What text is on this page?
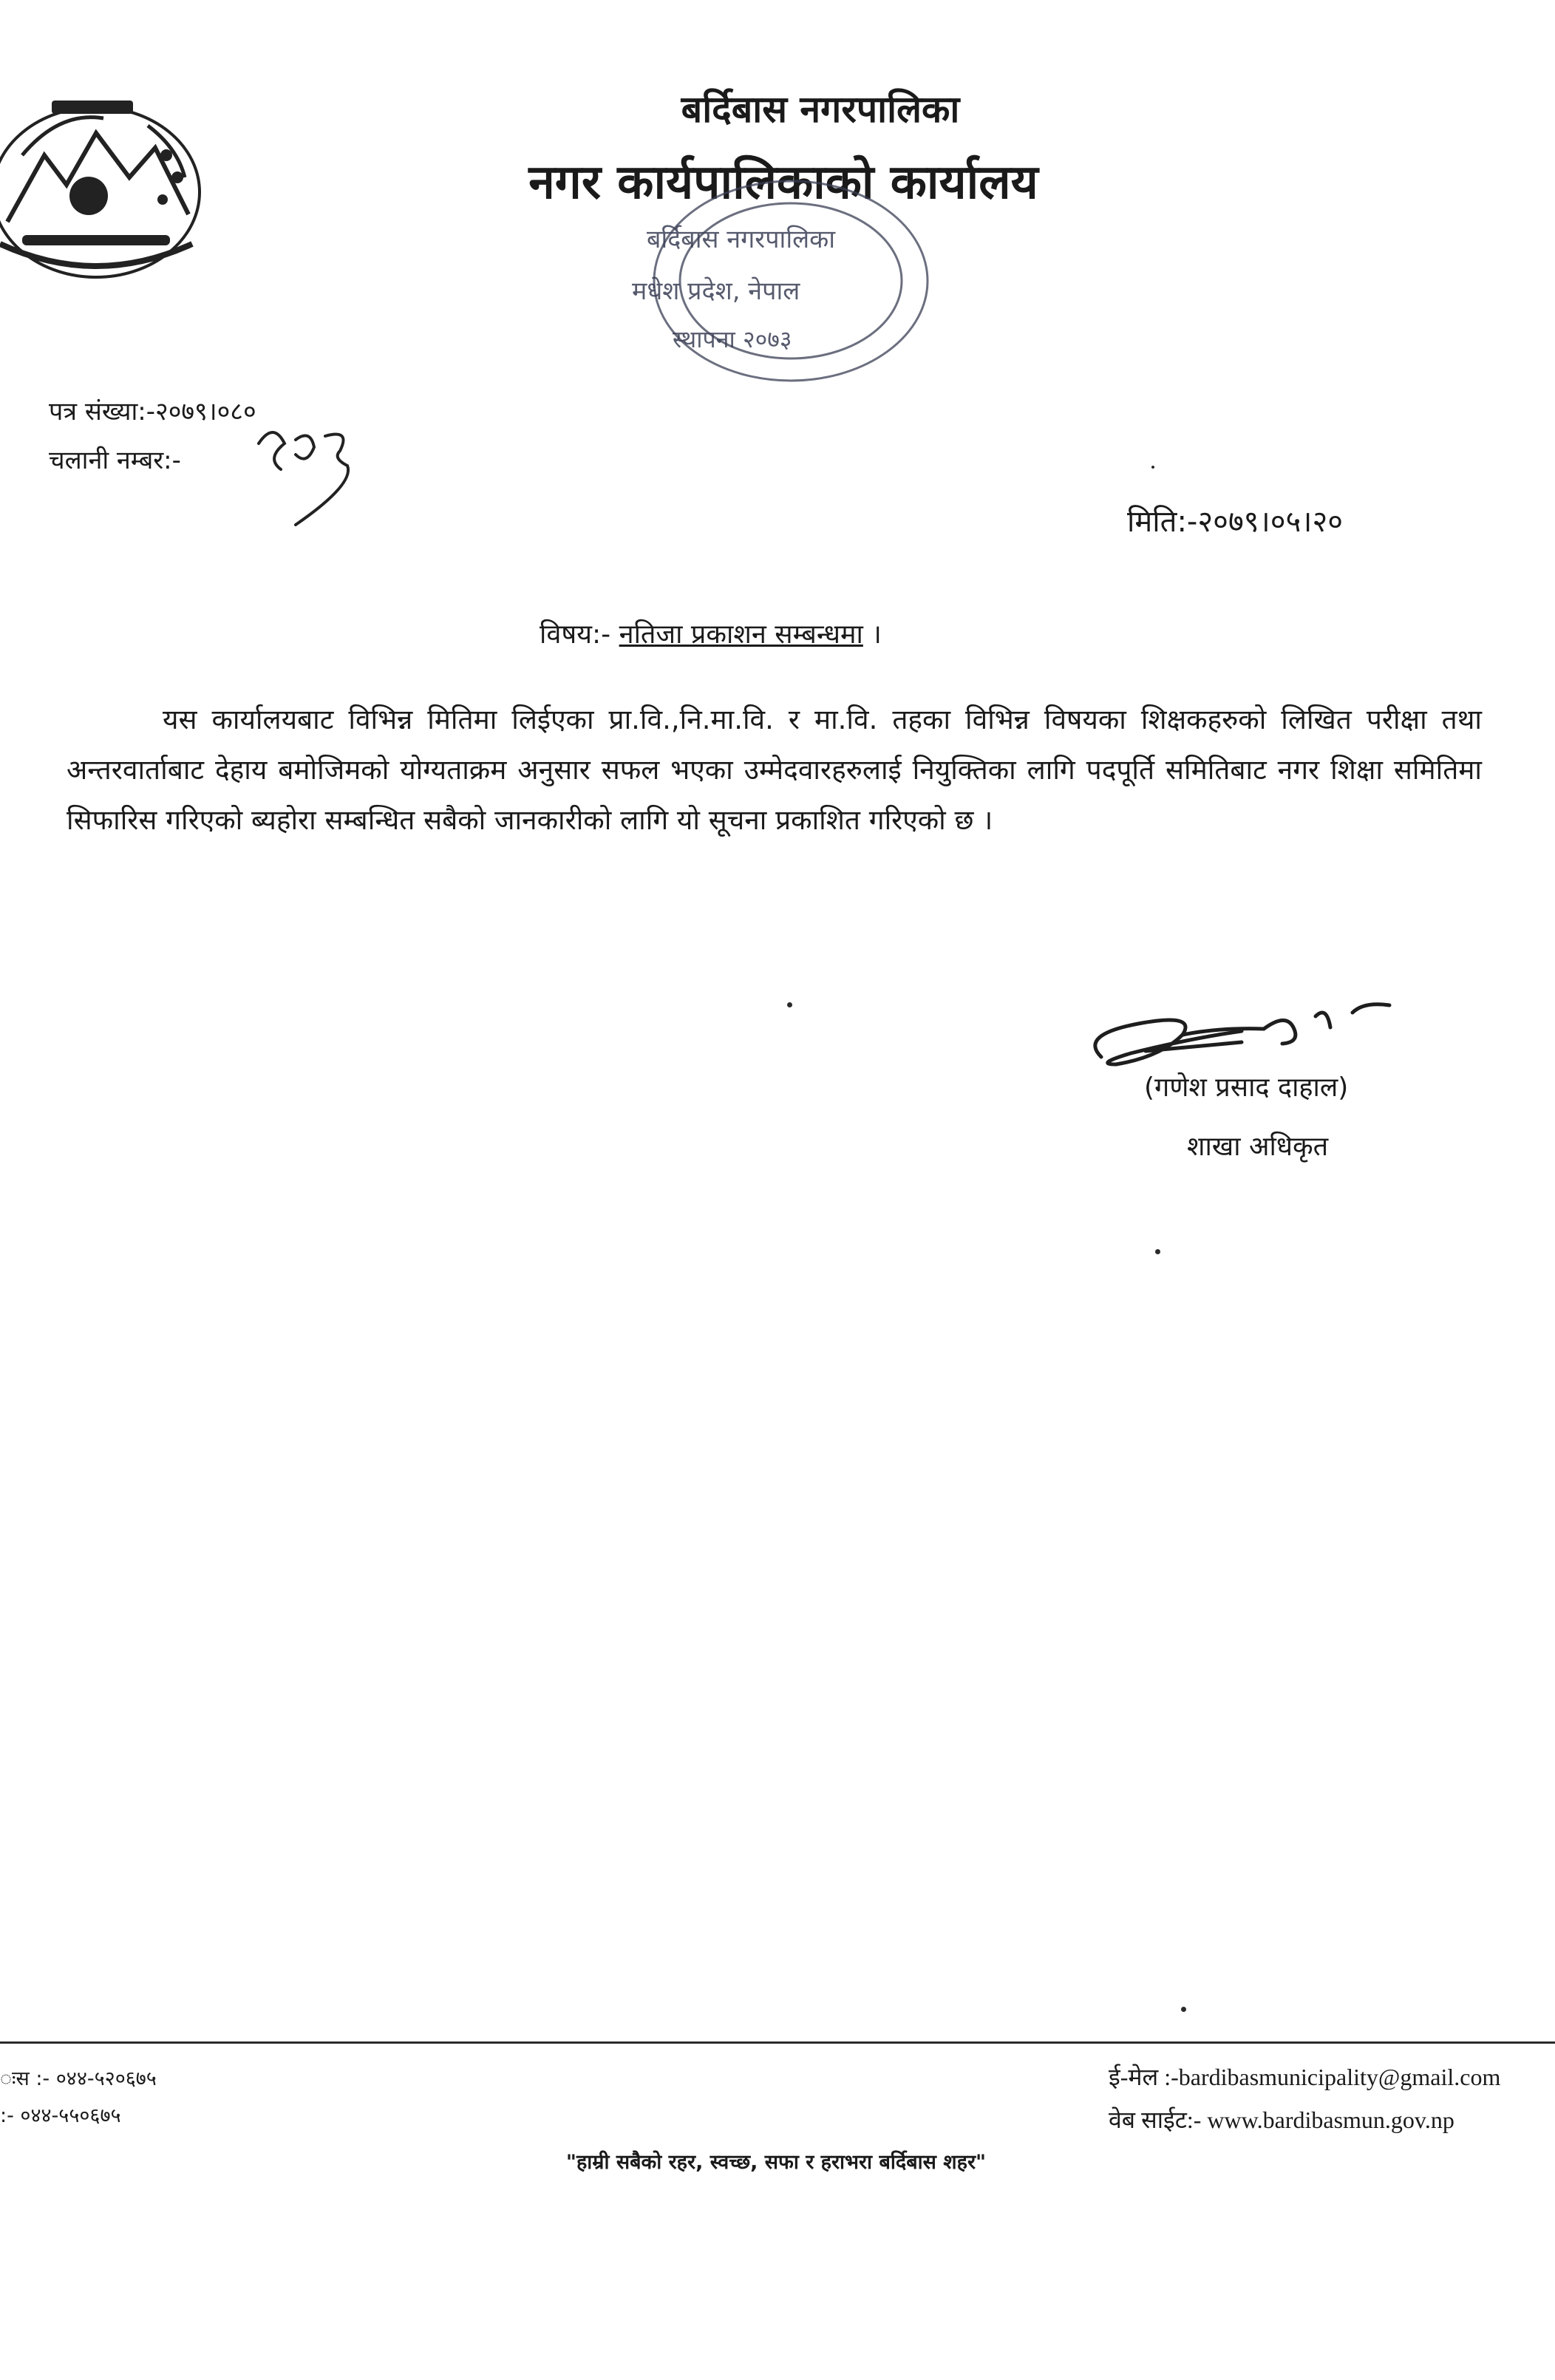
बर्दिबास नगरपालिका
नगर कार्यपालिकाको कार्यालय
बर्दिबास नगरपालिका
मधेश प्रदेश, नेपाल
स्थापना २०७३
पत्र संख्या:-२०७९।०८०
चलानी नम्बर:-
मिति:-२०७९।०५।२०
विषय:- नतिजा प्रकाशन सम्बन्धमा ।
यस कार्यालयबाट विभिन्न मितिमा लिईएका प्रा.वि.,नि.मा.वि. र मा.वि. तहका विभिन्न विषयका शिक्षकहरुको लिखित परीक्षा तथा अन्तरवार्ताबाट देहाय बमोजिमको योग्यताक्रम अनुसार सफल भएका उम्मेदवारहरुलाई नियुक्तिका लागि पदपूर्ति समितिबाट नगर शिक्षा समितिमा सिफारिस गरिएको ब्यहोरा सम्बन्धित सबैको जानकारीको लागि यो सूचना प्रकाशित गरिएको छ ।
(गणेश प्रसाद दाहाल)
शाखा अधिकृत
ःस :- ०४४-५२०६७५
:- ०४४-५५०६७५
ई-मेल :-bardibasmunicipality@gmail.com
वेब साईट:- www.bardibasmun.gov.np
"हाम्री सबैको रहर, स्वच्छ, सफा र हराभरा बर्दिबास शहर"
